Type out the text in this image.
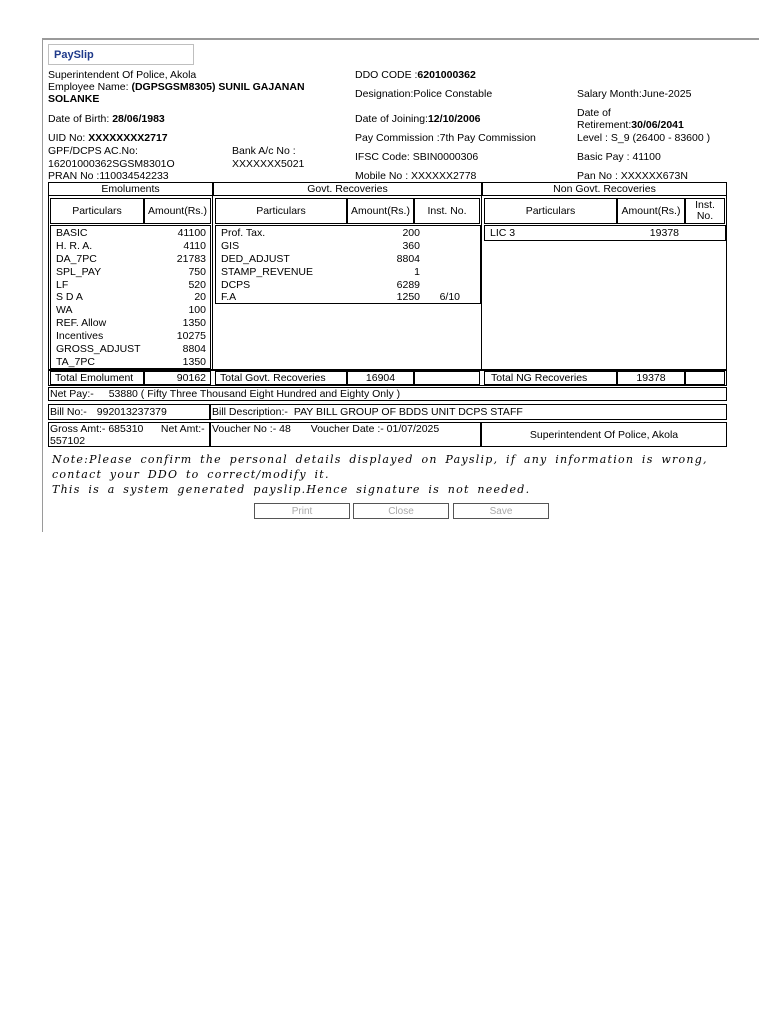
PaySlip
Superintendent Of Police, Akola	DDO CODE :6201000362
Employee Name: (DGPSGSM8305) SUNIL GAJANAN SOLANKE	Designation:Police Constable	Salary Month:June-2025
Date of Birth: 28/06/1983	Date of Joining:12/10/2006	Date of Retirement:30/06/2041
UID No: XXXXXXXX2717	Pay Commission :7th Pay Commission	Level : S_9 (26400 - 83600 )
GPF/DCPS AC.No:
16201000362SGSM8301O
Bank A/c No :
XXXXXXX5021
IFSC Code: SBIN0000306	Basic Pay : 41100
PRAN No :110034542233	Mobile No : XXXXXX2778	Pan No : XXXXXX673N
Emoluments	Govt. Recoveries	Non Govt. Recoveries
Particulars	Amount(Rs.)	Particulars	Amount(Rs.)	Inst. No.	Particulars	Amount(Rs.)	Inst. No.
BASIC	41100
H. R. A.	4110
DA_7PC	21783
SPL_PAY	750
LF	520
S D A	20
WA	100
REF. Allow	1350
Incentives	10275
GROSS_ADJUST	8804
TA_7PC	1350
Prof. Tax.	200
GIS	360
DED_ADJUST	8804
STAMP_REVENUE	1
DCPS	6289
F.A	1250 6/10
LIC 3	19378
Total Emolument	90162	Total Govt. Recoveries	16904	Total NG Recoveries	19378
Net Pay:- 53880 ( Fifty Three Thousand Eight Hundred and Eighty Only )
Bill No:- 992013237379	Bill Description:- PAY BILL GROUP OF BDDS UNIT DCPS STAFF
Gross Amt:- 685310 Net Amt:- 557102
Voucher No :- 48 Voucher Date :- 01/07/2025	Superintendent Of Police, Akola
Note:Please confirm the personal details displayed on Payslip, if any information is wrong, contact your DDO to correct/modify it.
This is a system generated payslip.Hence signature is not needed.
Print	Close	Save
